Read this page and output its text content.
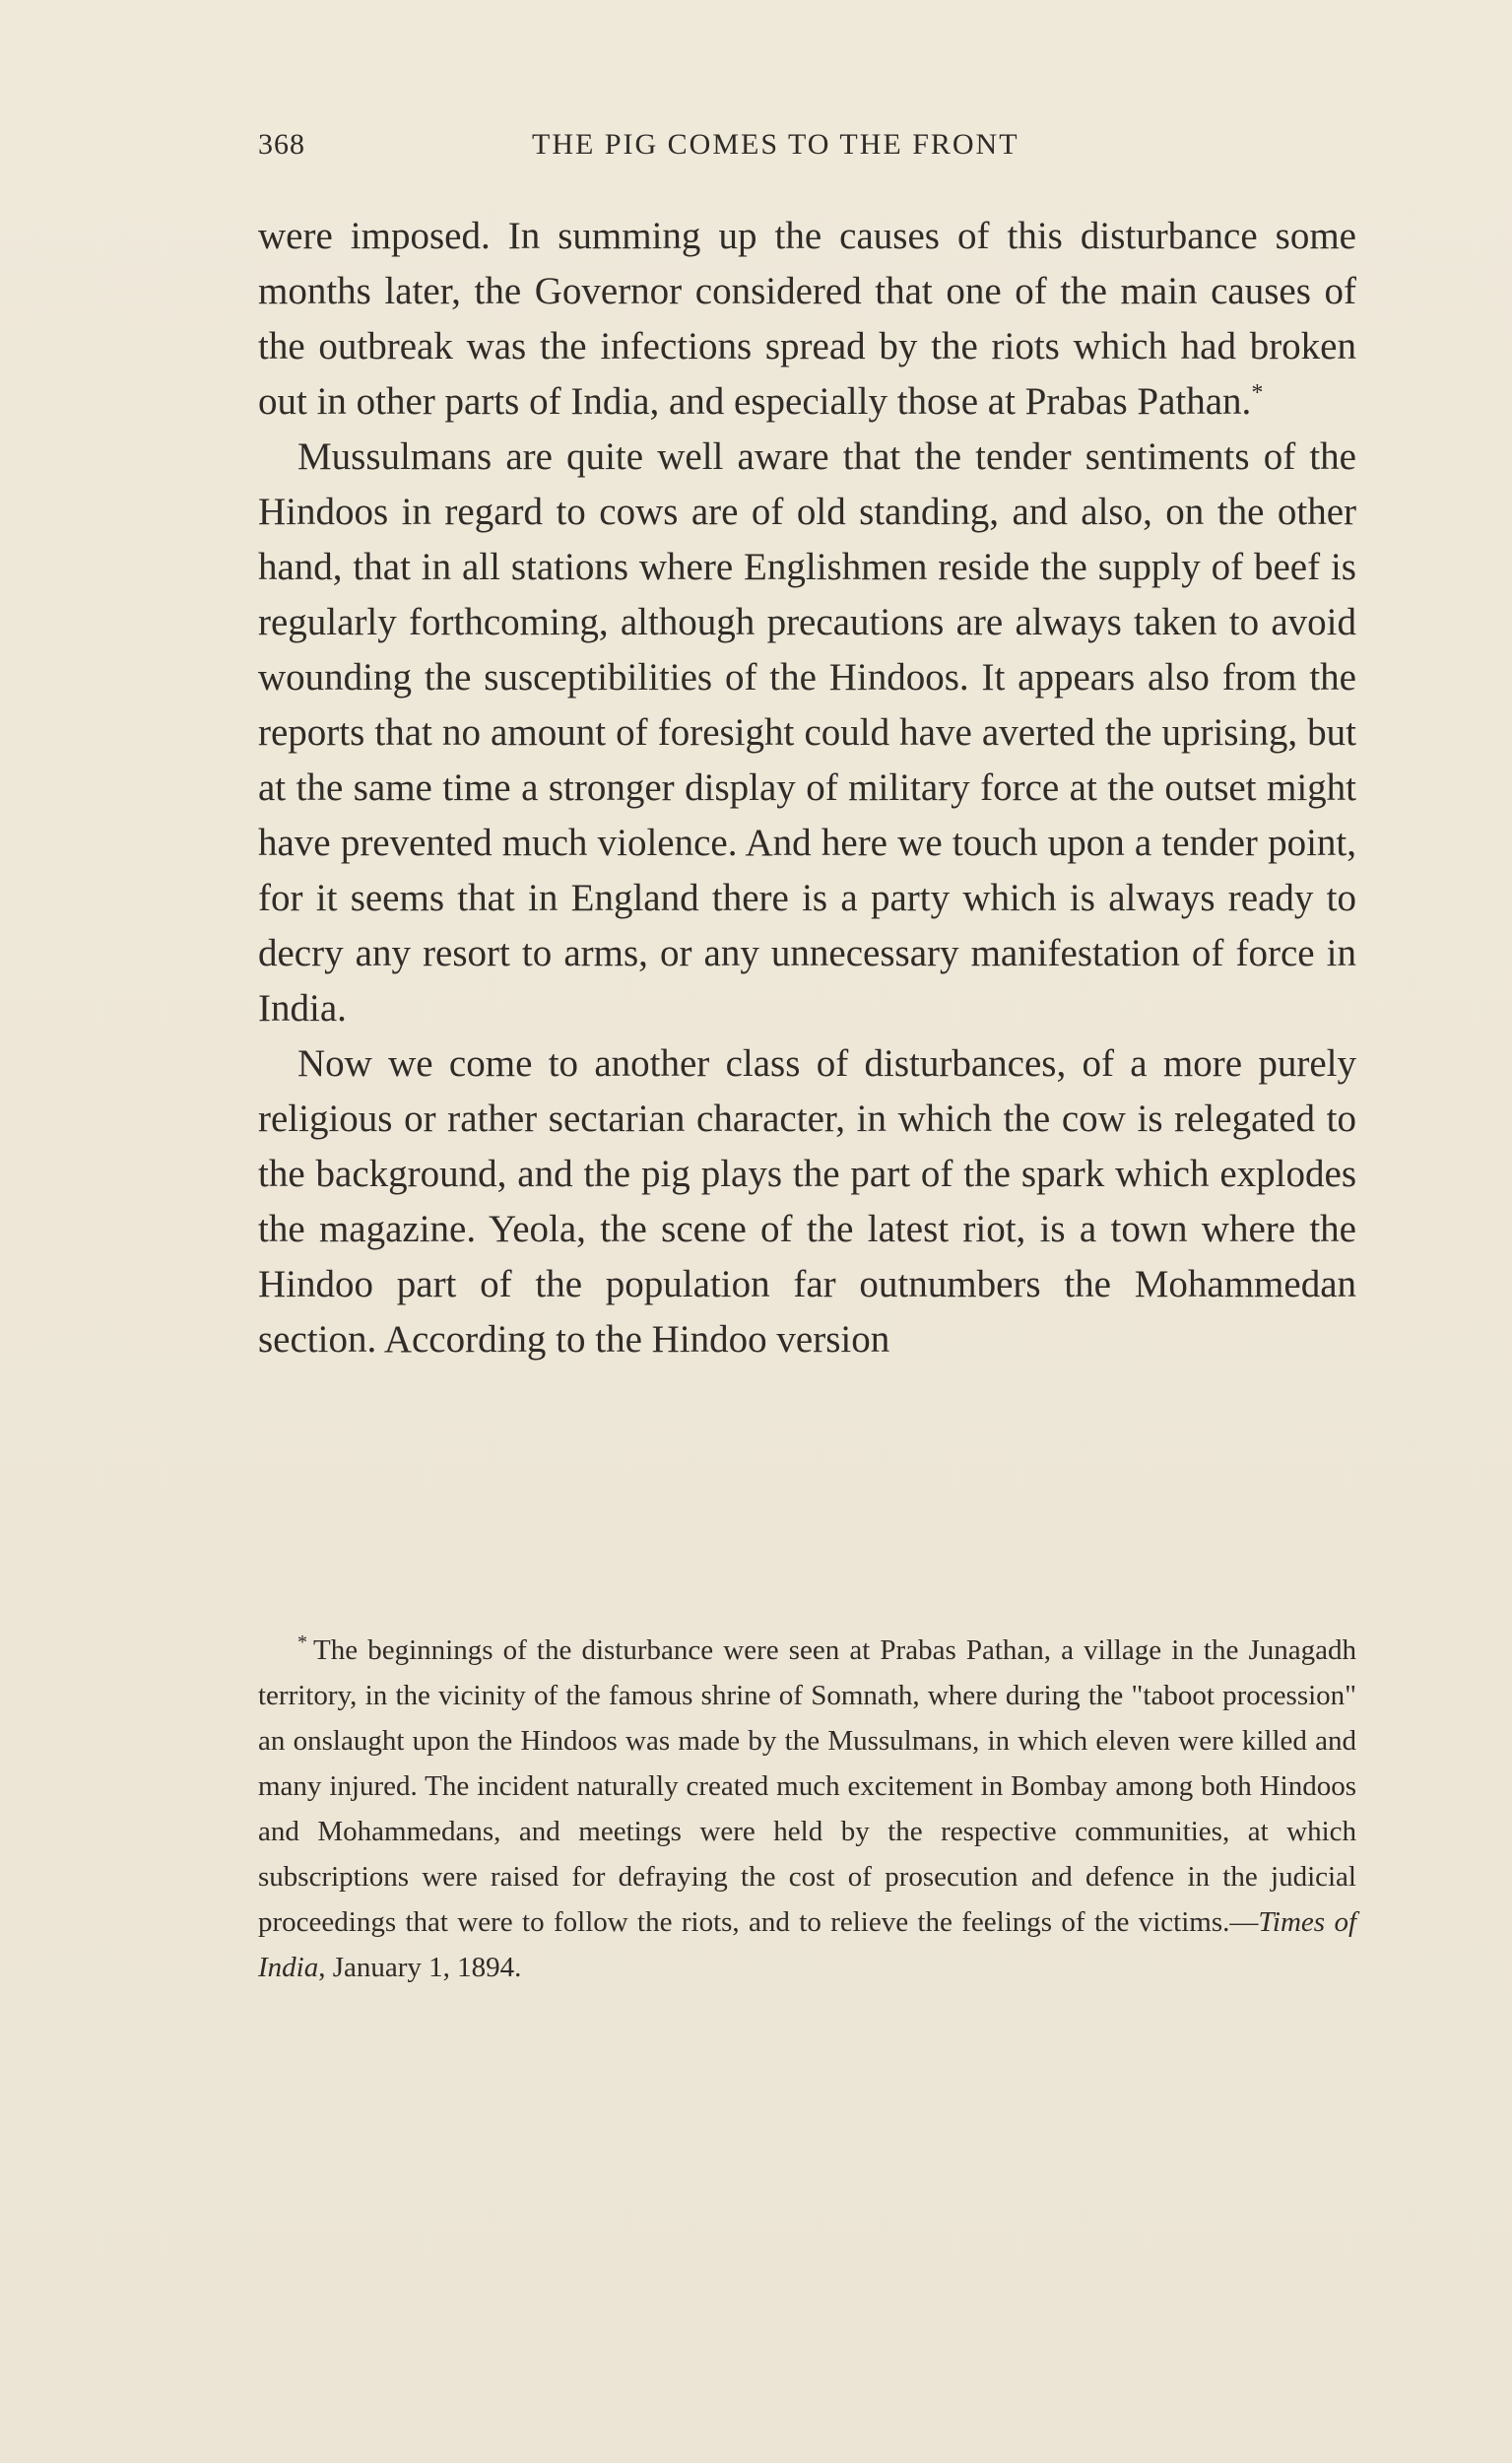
368	THE PIG COMES TO THE FRONT

were imposed. In summing up the causes of this disturbance some months later, the Governor considered that one of the main causes of the outbreak was the infections spread by the riots which had broken out in other parts of India, and especially those at Prabas Pathan.*

Mussulmans are quite well aware that the tender sentiments of the Hindoos in regard to cows are of old standing, and also, on the other hand, that in all stations where Englishmen reside the supply of beef is regularly forthcoming, although precautions are always taken to avoid wounding the susceptibilities of the Hindoos. It appears also from the reports that no amount of foresight could have averted the uprising, but at the same time a stronger display of military force at the outset might have prevented much violence. And here we touch upon a tender point, for it seems that in England there is a party which is always ready to decry any resort to arms, or any unnecessary manifestation of force in India.

Now we come to another class of disturbances, of a more purely religious or rather sectarian character, in which the cow is relegated to the background, and the pig plays the part of the spark which explodes the magazine. Yeola, the scene of the latest riot, is a town where the Hindoo part of the population far outnumbers the Mohammedan section. According to the Hindoo version

* The beginnings of the disturbance were seen at Prabas Pathan, a village in the Junagadh territory, in the vicinity of the famous shrine of Somnath, where during the "taboot procession" an onslaught upon the Hindoos was made by the Mussulmans, in which eleven were killed and many injured. The incident naturally created much excitement in Bombay among both Hindoos and Mohammedans, and meetings were held by the respective communities, at which subscriptions were raised for defraying the cost of prosecution and defence in the judicial proceedings that were to follow the riots, and to relieve the feelings of the victims.—Times of India, January 1, 1894.
